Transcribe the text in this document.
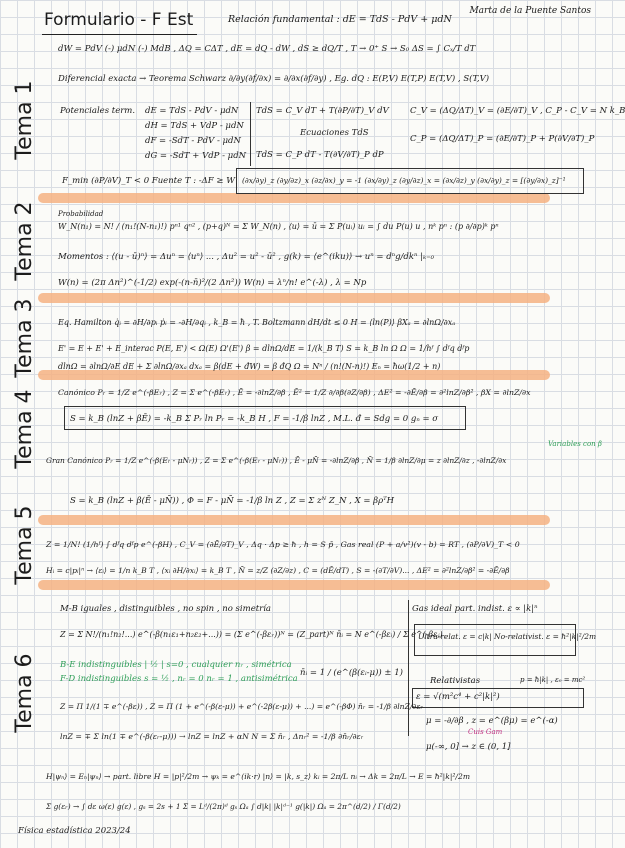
Formulario - F Est	Relación fundamental : dE = TdS - PdV + μdN
Marta de la Puente Santos
Tema 1
Tema 2
Tema 3
Tema 4
Tema 5
Tema 6
dW = PdV (-) μdN (-) MdB , ΔQ = CΔT , dE = dQ - dW , dS ≥ dQ/T , T → 0⁺ S → S₀ ΔS = ∫ Cₓ/T dT
Diferencial exacta → Teorema Schwarz ∂/∂y(∂f/∂x) = ∂/∂x(∂f/∂y) , Eg. dQ : E(P,V) E(T,P) E(T,V) , S(T,V)
Potenciales term. dE = TdS - PdV - μdN
dH = TdS + VdP - μdN
dF = -SdT - PdV - μdN
dG = -SdT + VdP - μdN
TdS = C_V dT + T(∂P/∂T)_V dV
Ecuaciones TdS
TdS = C_P dT - T(∂V/∂T)_P dP
C_V = (ΔQ/ΔT)_V = (∂E/∂T)_V , C_P - C_V = N k_B
C_P = (ΔQ/ΔT)_P = (∂E/∂T)_P + P(∂V/∂T)_P
F_min (∂P/∂V)_T < 0 Fuente T : -ΔF ≥ W (∂x/∂y)_z (∂y/∂z)_x (∂z/∂x)_y = -1 (∂x/∂y)_z (∂y/∂z)_x = (∂x/∂z)_y (∂x/∂y)_z = [(∂y/∂x)_z]⁻¹
Probabilidad
W_N(n₁) = N! / (n₁!(N-n₁)!) pⁿ¹ qⁿ² , (p+q)ᴺ = Σ W_N(n) , ⟨u⟩ = ū = Σ P(uᵢ) uᵢ = ∫ du P(u) u , nᵏ pⁿ : (p ∂/∂p)ᵏ pⁿ
Momentos : ⟨(u - ū)ⁿ⟩ = Δuⁿ = ⟨uⁿ⟩ ... , Δu² = u² - ū² , g(k) = ⟨e^(iku)⟩ → uⁿ = dⁿg/dkⁿ |ₖ₌₀
W(n) = (2π Δn²)^(-1/2) exp(-(n-n̄)²/(2 Δn²)) W(n) = λⁿ/n! e^(-λ) , λ = Np
Eq. Hamilton q̇ᵢ = ∂H/∂pᵢ ṗᵢ = -∂H/∂qᵢ , k_B = ħ , T. Boltzmann dH/dt ≤ 0 H = ⟨ln(P)⟩ βXₐ = ∂lnΩ/∂xₐ
E' = E + E' + E_interac P(E, E') < Ω(E) Ω'(E') β = dlnΩ/dE = 1/(k_B T) S = k_B ln Ω Ω = 1/hᶠ ∫ dᶠq dᶠp
dlnΩ = ∂lnΩ/∂E dE + Σ ∂lnΩ/∂xₐ dxₐ = β(dE + đW) = β đQ Ω = Nⁿ / (n!(N-n)!) Eₙ = ħω(1/2 + n)
Canónico Pᵣ = 1/Z e^(-βEᵣ) , Z = Σ e^(-βEᵣ) , Ē = -∂lnZ/∂β , Ē² = 1/Z ∂/∂β(∂Z/∂β) , ΔE² = -∂Ē/∂β = ∂²lnZ/∂β² , βX = ∂lnZ/∂x
S = k_B (lnZ + βĒ) = -k_B Σ Pᵣ ln Pᵣ = -k_B H , F = -1/β lnZ , M.L. đ = Sdg = 0 gₙ = σ
Variables con β
Gran Canónico Pᵣ = 1/Z e^(-β(Eᵣ - μNᵣ)) , Z = Σ e^(-β(Eᵣ - μNᵣ)) , Ē - μN̄ = -∂lnZ/∂β , N̄ = 1/β ∂lnZ/∂μ = z ∂lnZ/∂z , -∂lnZ/∂x
S = k_B (lnZ + β(Ē - μN̄)) , Φ = F - μN̄ = -1/β ln Z , Z = Σ zᴺ Z_N , X = βρᵀH
Z = 1/N! (1/hᶠ) ∫ dᶠq dᶠp e^(-βH) , C_V = (∂Ē/∂T)_V , Δq · Δp ≥ ħ , h = S p̄ , Gas real (P + a/v²)(v - b) = RT , (∂P/∂V)_T < 0
Hᵢ = c|pᵢ|ⁿ → ⟨εᵢ⟩ = 1/n k_B T , ⟨xᵢ ∂H/∂xᵢ⟩ = k_B T , N̄ = z/Z (∂Z/∂z) , C = (dĒ/dT) , S = -(∂T/∂V)... , ΔE² = ∂²lnZ/∂β² = -∂Ē/∂β
M-B iguales , distinguibles , no spin , no simetría	Gas ideal part. indist. ε ∝ |k|ⁿ
Z = Σ N!/(n₁!n₂!...) e^(-β(n₁ε₁+n₂ε₂+...)) = (Σ e^(-βεᵣ))ᴺ = (Z_part)ᴺ n̄ᵢ = N e^(-βεᵢ) / Σ e^(-βεⱼ)
Ultra-relat. ε = c|k| No-relativist. ε = ħ²|k|²/2m
B-E indistinguibles | ½ | s=0 , cualquier nᵣ , simétrica
F-D indistinguibles s = ½ , nᵣ = 0 nᵣ = 1 , antisimétrica
n̄ᵢ = 1 / (e^(β(εᵢ-μ)) ± 1)
Relativistas
ε = √(m²c⁴ + c²|k|²)
p = ħ|k| , ε₀ = mc²
Z = Π 1/(1 ∓ e^(-βε)) , Z = Π (1 + e^(-β(ε-μ)) + e^(-2β(ε-μ)) + ...) = e^(-βΦ) n̄ᵣ = -1/β ∂lnZ/∂εᵣ
μ = -∂/∂β , z = e^(βμ) = e^(-α)
Cuis Gam
lnZ = ∓ Σ ln(1 ∓ e^(-β(εᵣ-μ))) → lnZ = lnZ + αN N = Σ n̄ᵣ , Δnᵣ² = -1/β ∂n̄ᵣ/∂εᵣ
μ(-∞, 0] → z ∈ (0, 1]
H|ψₙ⟩ = Eₙ|ψₙ⟩ → part. libre H = |p|²/2m → ψₖ = e^(ik·r) |n⟩ = |k, s_z⟩ kᵢ = 2π/L nᵢ → Δk = 2π/L → E = ħ²|k|²/2m
Σ g(εᵣ) → ∫ dε ω(ε) g(ε) , gₛ = 2s + 1 Σ = Lᵈ/(2π)ᵈ gₛ Ωₐ ∫ d|k| |k|ᵈ⁻¹ g(|k|) Ωₐ = 2π^(d/2) / Γ(d/2)
Física estadística 2023/24
